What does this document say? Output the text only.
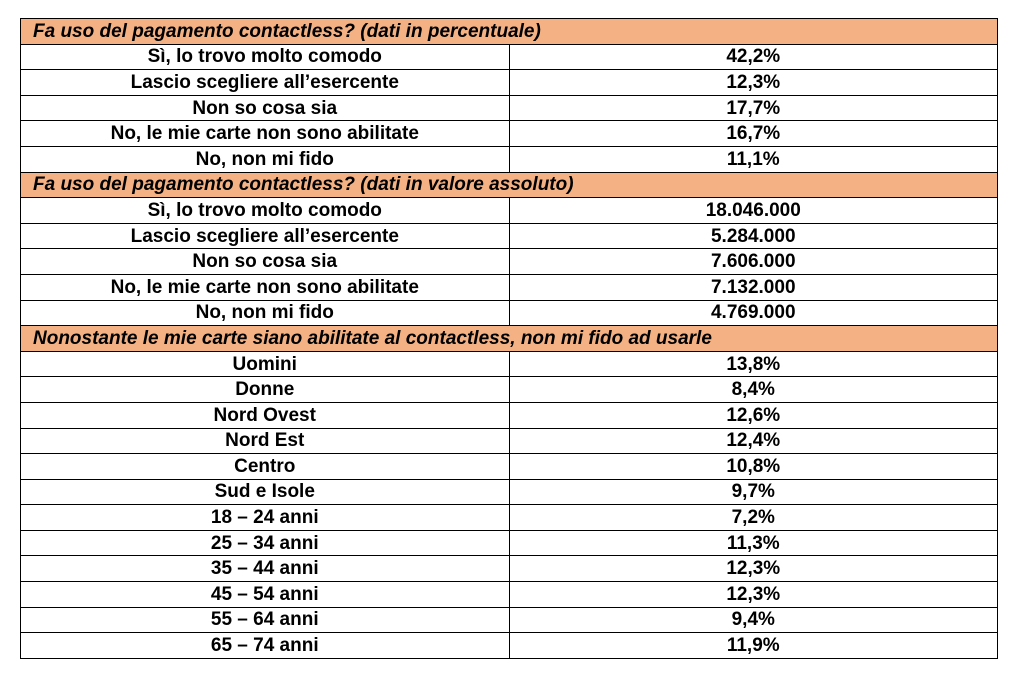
Fa uso del pagamento contactless? (dati in percentuale)	
Sì, lo trovo molto comodo	42,2%
Lascio scegliere all’esercente	12,3%
Non so cosa sia	17,7%
No, le mie carte non sono abilitate	16,7%
No, non mi fido	11,1%
Fa uso del pagamento contactless? (dati in valore assoluto)	
Sì, lo trovo molto comodo	18.046.000
Lascio scegliere all’esercente	5.284.000
Non so cosa sia	7.606.000
No, le mie carte non sono abilitate	7.132.000
No, non mi fido	4.769.000
Nonostante le mie carte siano abilitate al contactless, non mi fido ad usarle	
Uomini	13,8%
Donne	8,4%
Nord Ovest	12,6%
Nord Est	12,4%
Centro	10,8%
Sud e Isole	9,7%
18 – 24 anni	7,2%
25 – 34 anni	11,3%
35 – 44 anni	12,3%
45 – 54 anni	12,3%
55 – 64 anni	9,4%
65 – 74 anni	11,9%
